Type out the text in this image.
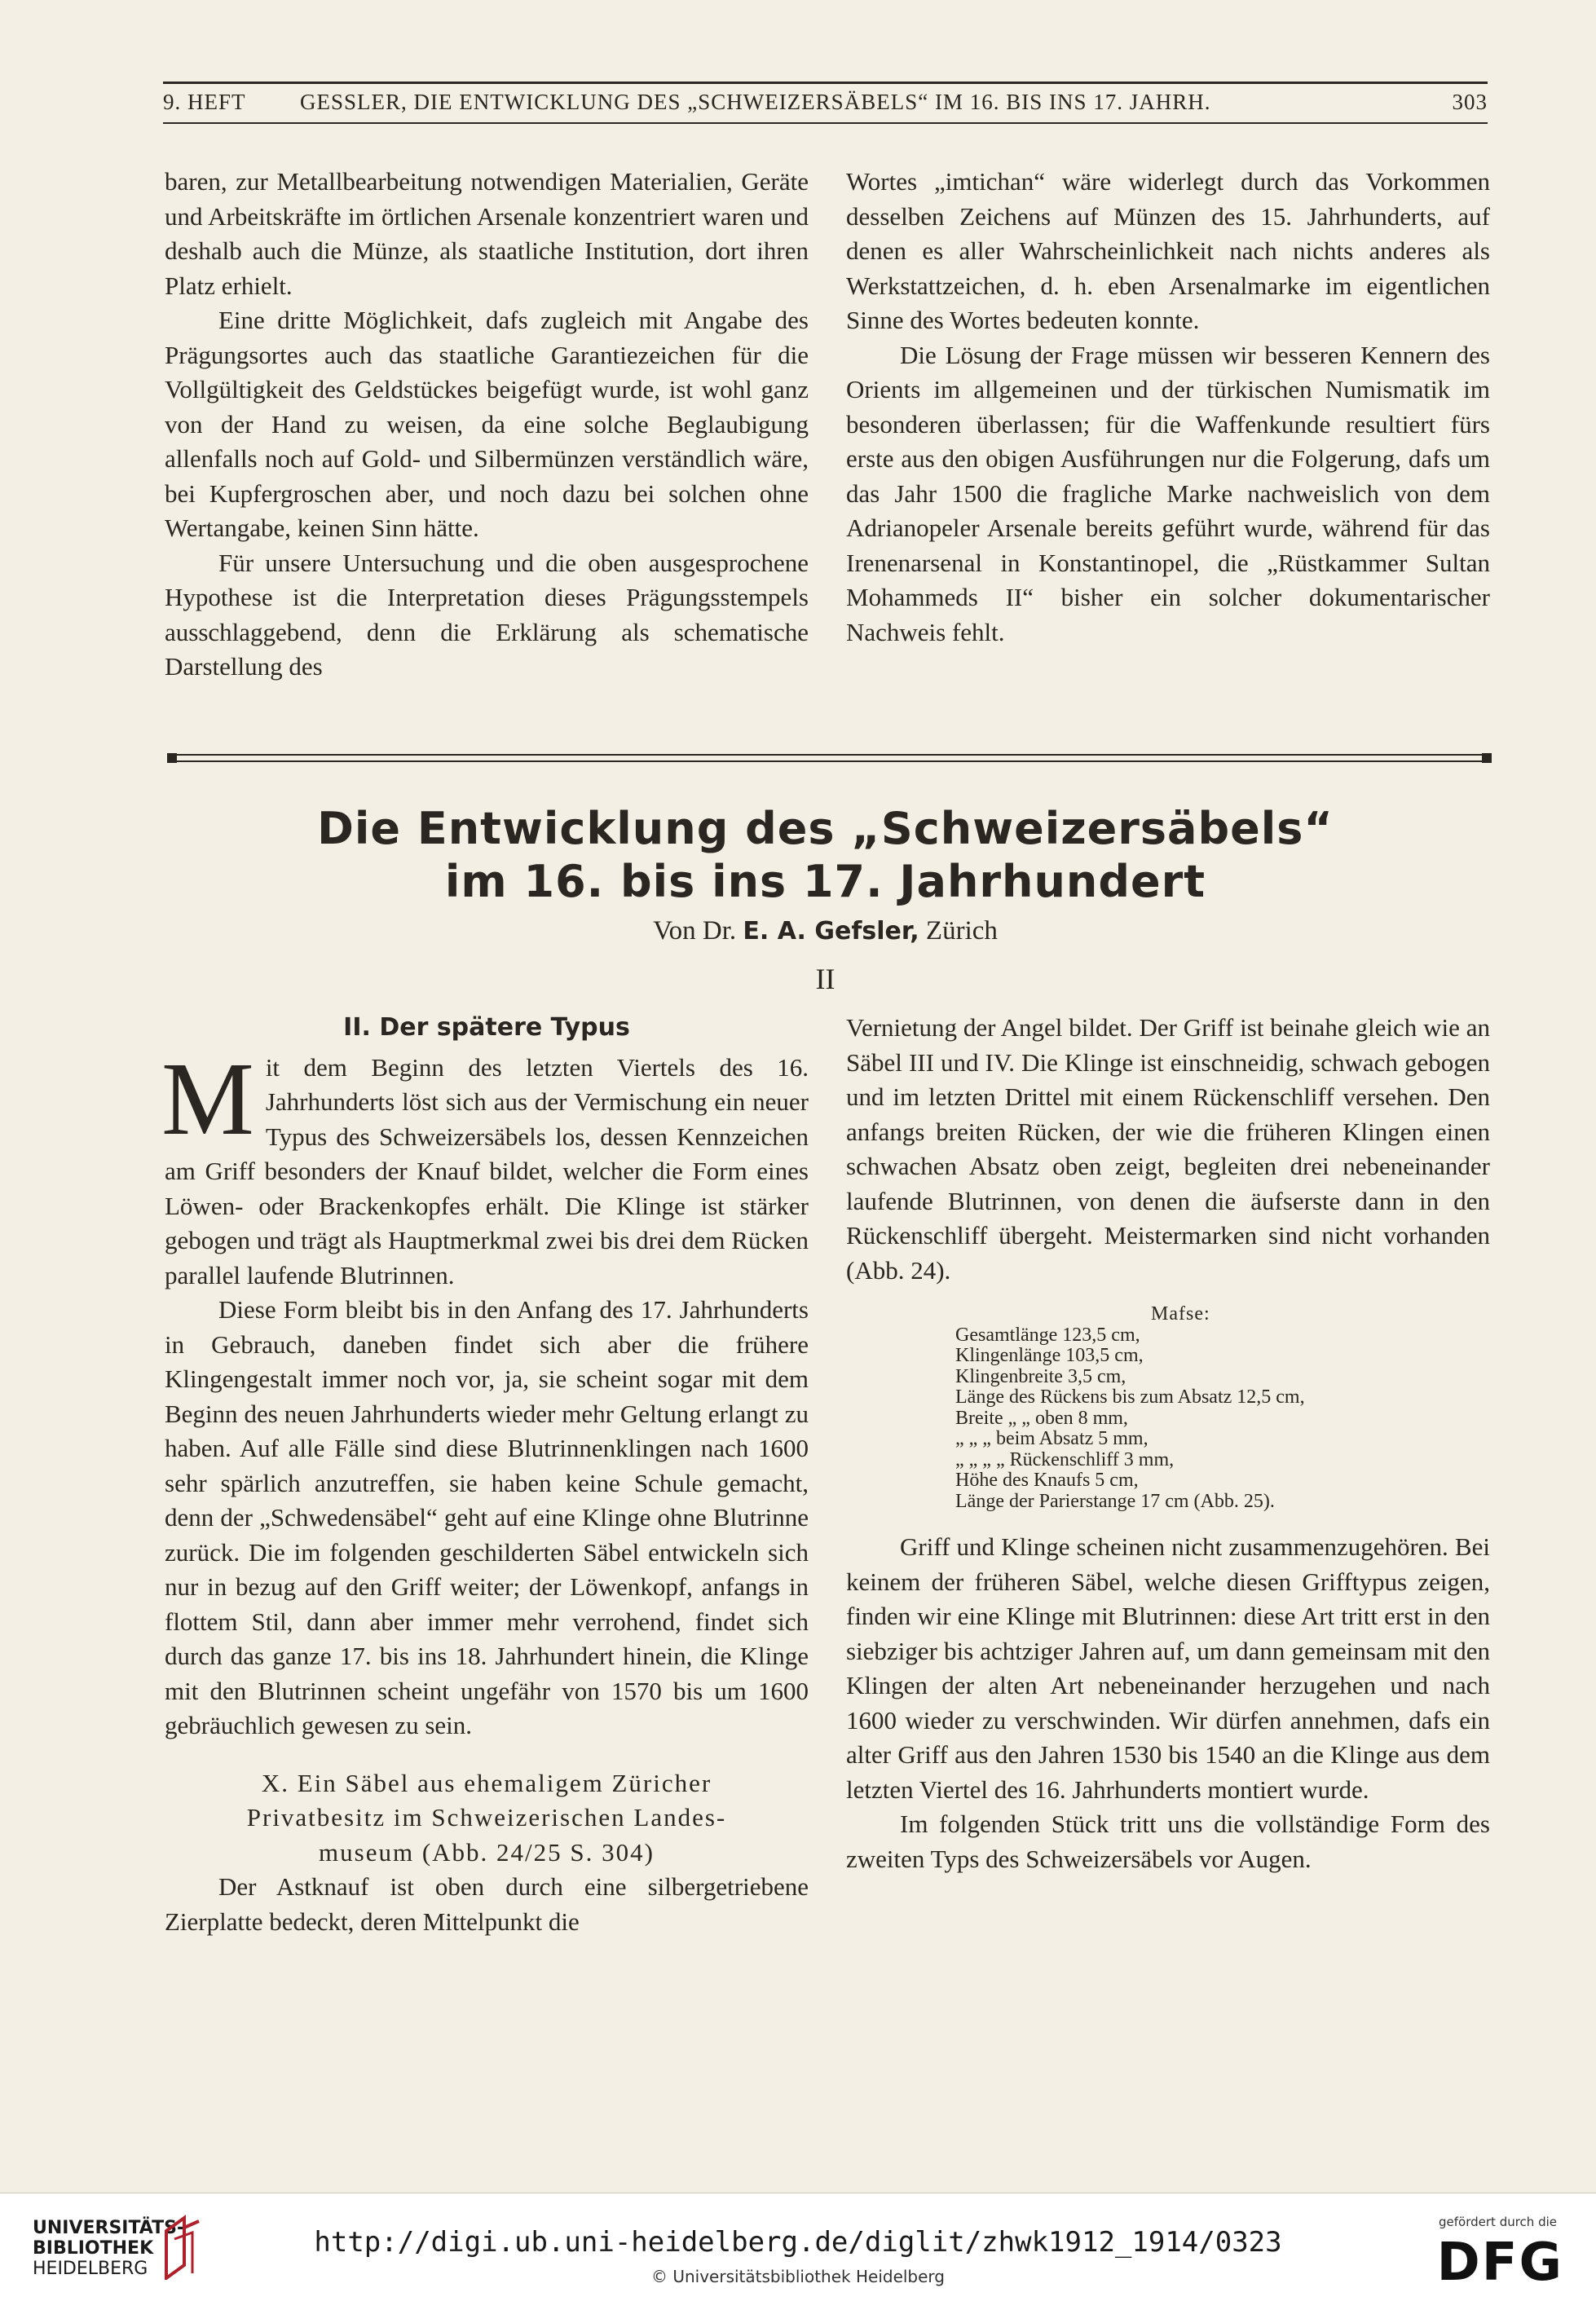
9. HEFT GESSLER, DIE ENTWICKLUNG DES „SCHWEIZERSÄBELS“ IM 16. BIS INS 17. JAHRH.	303

baren, zur Metallbearbeitung notwendigen Materialien, Geräte und Arbeitskräfte im örtlichen Arsenale konzentriert waren und deshalb auch die Münze, als staatliche Institution, dort ihren Platz erhielt.

Eine dritte Möglichkeit, dafs zugleich mit Angabe des Prägungsortes auch das staatliche Garantiezeichen für die Vollgültigkeit des Geldstückes beigefügt wurde, ist wohl ganz von der Hand zu weisen, da eine solche Beglaubigung allenfalls noch auf Gold- und Silbermünzen verständlich wäre, bei Kupfergroschen aber, und noch dazu bei solchen ohne Wertangabe, keinen Sinn hätte.

Für unsere Untersuchung und die oben ausgesprochene Hypothese ist die Interpretation dieses Prägungsstempels ausschlaggebend, denn die Erklärung als schematische Darstellung des

Wortes „imtichan“ wäre widerlegt durch das Vorkommen desselben Zeichens auf Münzen des 15. Jahrhunderts, auf denen es aller Wahrscheinlichkeit nach nichts anderes als Werkstattzeichen, d. h. eben Arsenalmarke im eigentlichen Sinne des Wortes bedeuten konnte.

Die Lösung der Frage müssen wir besseren Kennern des Orients im allgemeinen und der türkischen Numismatik im besonderen überlassen; für die Waffenkunde resultiert fürs erste aus den obigen Ausführungen nur die Folgerung, dafs um das Jahr 1500 die fragliche Marke nachweislich von dem Adrianopeler Arsenale bereits geführt wurde, während für das Irenenarsenal in Konstantinopel, die „Rüstkammer Sultan Mohammeds II“ bisher ein solcher dokumentarischer Nachweis fehlt.

Die Entwicklung des „Schweizersäbels“
im 16. bis ins 17. Jahrhundert
Von Dr. E. A. Gefsler, Zürich
II

II. Der spätere Typus

Mit dem Beginn des letzten Viertels des 16. Jahrhunderts löst sich aus der Vermischung ein neuer Typus des Schweizersäbels los, dessen Kennzeichen am Griff besonders der Knauf bildet, welcher die Form eines Löwen- oder Brackenkopfes erhält. Die Klinge ist stärker gebogen und trägt als Hauptmerkmal zwei bis drei dem Rücken parallel laufende Blutrinnen.

Diese Form bleibt bis in den Anfang des 17. Jahrhunderts in Gebrauch, daneben findet sich aber die frühere Klingengestalt immer noch vor, ja, sie scheint sogar mit dem Beginn des neuen Jahrhunderts wieder mehr Geltung erlangt zu haben. Auf alle Fälle sind diese Blutrinnenklingen nach 1600 sehr spärlich anzutreffen, sie haben keine Schule gemacht, denn der „Schwedensäbel“ geht auf eine Klinge ohne Blutrinne zurück. Die im folgenden geschilderten Säbel entwickeln sich nur in bezug auf den Griff weiter; der Löwenkopf, anfangs in flottem Stil, dann aber immer mehr verrohend, findet sich durch das ganze 17. bis ins 18. Jahrhundert hinein, die Klinge mit den Blutrinnen scheint ungefähr von 1570 bis um 1600 gebräuchlich gewesen zu sein.

X. Ein Säbel aus ehemaligem Züricher
Privatbesitz im Schweizerischen Landes-
museum (Abb. 24/25 S. 304)

Der Astknauf ist oben durch eine silbergetriebene Zierplatte bedeckt, deren Mittelpunkt die

Vernietung der Angel bildet. Der Griff ist beinahe gleich wie an Säbel III und IV. Die Klinge ist einschneidig, schwach gebogen und im letzten Drittel mit einem Rückenschliff versehen. Den anfangs breiten Rücken, der wie die früheren Klingen einen schwachen Absatz oben zeigt, begleiten drei nebeneinander laufende Blutrinnen, von denen die äufserste dann in den Rückenschliff übergeht. Meistermarken sind nicht vorhanden (Abb. 24).

Mafse:
Gesamtlänge 123,5 cm,
Klingenlänge 103,5 cm,
Klingenbreite 3,5 cm,
Länge des Rückens bis zum Absatz 12,5 cm,
Breite „ „ oben 8 mm,
„ „ „ beim Absatz 5 mm,
„ „ „ „ Rückenschliff 3 mm,
Höhe des Knaufs 5 cm,
Länge der Parierstange 17 cm (Abb. 25).

Griff und Klinge scheinen nicht zusammenzugehören. Bei keinem der früheren Säbel, welche diesen Grifftypus zeigen, finden wir eine Klinge mit Blutrinnen: diese Art tritt erst in den siebziger bis achtziger Jahren auf, um dann gemeinsam mit den Klingen der alten Art nebeneinander herzugehen und nach 1600 wieder zu verschwinden. Wir dürfen annehmen, dafs ein alter Griff aus den Jahren 1530 bis 1540 an die Klinge aus dem letzten Viertel des 16. Jahrhunderts montiert wurde.

Im folgenden Stück tritt uns die vollständige Form des zweiten Typs des Schweizersäbels vor Augen.

UNIVERSITÄTS-
BIBLIOTHEK
HEIDELBERG
http://digi.ub.uni-heidelberg.de/diglit/zhwk1912_1914/0323
© Universitätsbibliothek Heidelberg
gefördert durch die
DFG
